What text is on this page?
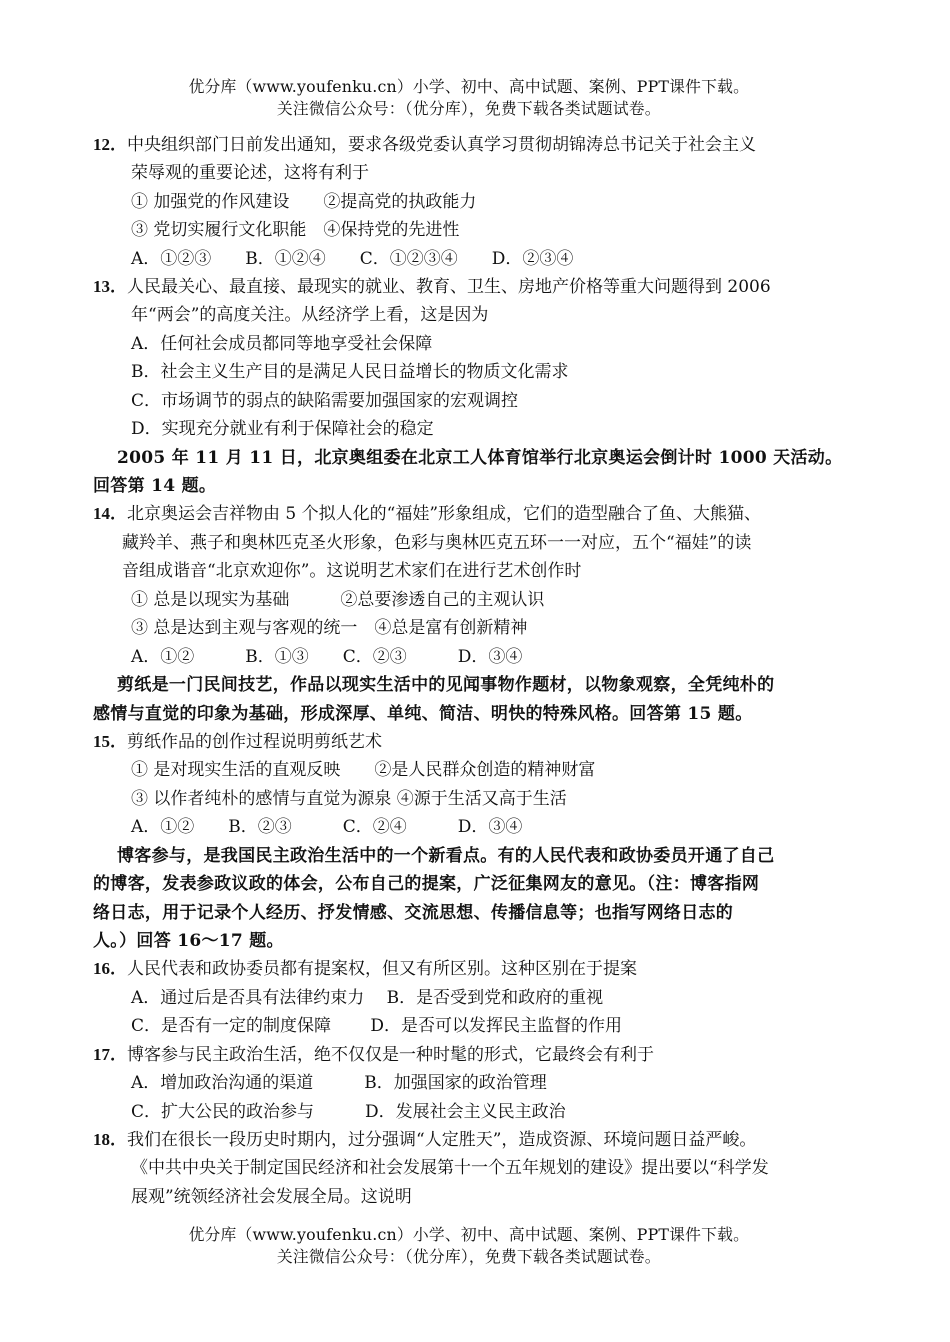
优分库（www.youfenku.cn）小学、初中、高中试题、案例、PPT课件下载。
关注微信公众号：（优分库），免费下载各类试题试卷。
12．中央组织部门日前发出通知，要求各级党委认真学习贯彻胡锦涛总书记关于社会主义
荣辱观的重要论述，这将有利于
① 加强党的作风建设　　②提高党的执政能力
③ 党切实履行文化职能　④保持党的先进性
A．①②③　　B．①②④　　C．①②③④　　D．②③④
13．人民最关心、最直接、最现实的就业、教育、卫生、房地产价格等重大问题得到 2006
年“两会”的高度关注。从经济学上看，这是因为
A．任何社会成员都同等地享受社会保障
B．社会主义生产目的是满足人民日益增长的物质文化需求
C．市场调节的弱点的缺陷需要加强国家的宏观调控
D．实现充分就业有利于保障社会的稳定
2005 年 11 月 11 日，北京奥组委在北京工人体育馆举行北京奥运会倒计时 1000 天活动。
回答第 14 题。
14．北京奥运会吉祥物由 5 个拟人化的“福娃”形象组成，它们的造型融合了鱼、大熊猫、
藏羚羊、燕子和奥林匹克圣火形象，色彩与奥林匹克五环一一对应，五个“福娃”的读
音组成谐音“北京欢迎你”。这说明艺术家们在进行艺术创作时
① 总是以现实为基础　　　②总要渗透自己的主观认识
③ 总是达到主观与客观的统一　④总是富有创新精神
A．①②　　　B．①③　　C．②③　　　D．③④
剪纸是一门民间技艺，作品以现实生活中的见闻事物作题材，以物象观察，全凭纯朴的
感情与直觉的印象为基础，形成深厚、单纯、简洁、明快的特殊风格。回答第 15 题。
15．剪纸作品的创作过程说明剪纸艺术
① 是对现实生活的直观反映　　②是人民群众创造的精神财富
③ 以作者纯朴的感情与直觉为源泉 ④源于生活又高于生活
A．①②　　B．②③　　　C．②④　　　D．③④
博客参与，是我国民主政治生活中的一个新看点。有的人民代表和政协委员开通了自己
的博客，发表参政议政的体会，公布自己的提案，广泛征集网友的意见。（注：博客指网
络日志，用于记录个人经历、抒发情感、交流思想、传播信息等；也指写网络日志的
人。）回答 16～17 题。
16．人民代表和政协委员都有提案权，但又有所区别。这种区别在于提案
A．通过后是否具有法律约束力　 B．是否受到党和政府的重视
C．是否有一定的制度保障　　 D．是否可以发挥民主监督的作用
17．博客参与民主政治生活，绝不仅仅是一种时髦的形式，它最终会有利于
A．增加政治沟通的渠道　　　B．加强国家的政治管理
C．扩大公民的政治参与　　　D．发展社会主义民主政治
18．我们在很长一段历史时期内，过分强调“人定胜天”，造成资源、环境问题日益严峻。
《中共中央关于制定国民经济和社会发展第十一个五年规划的建设》提出要以“科学发
展观”统领经济社会发展全局。这说明
优分库（www.youfenku.cn）小学、初中、高中试题、案例、PPT课件下载。
关注微信公众号：（优分库），免费下载各类试题试卷。
